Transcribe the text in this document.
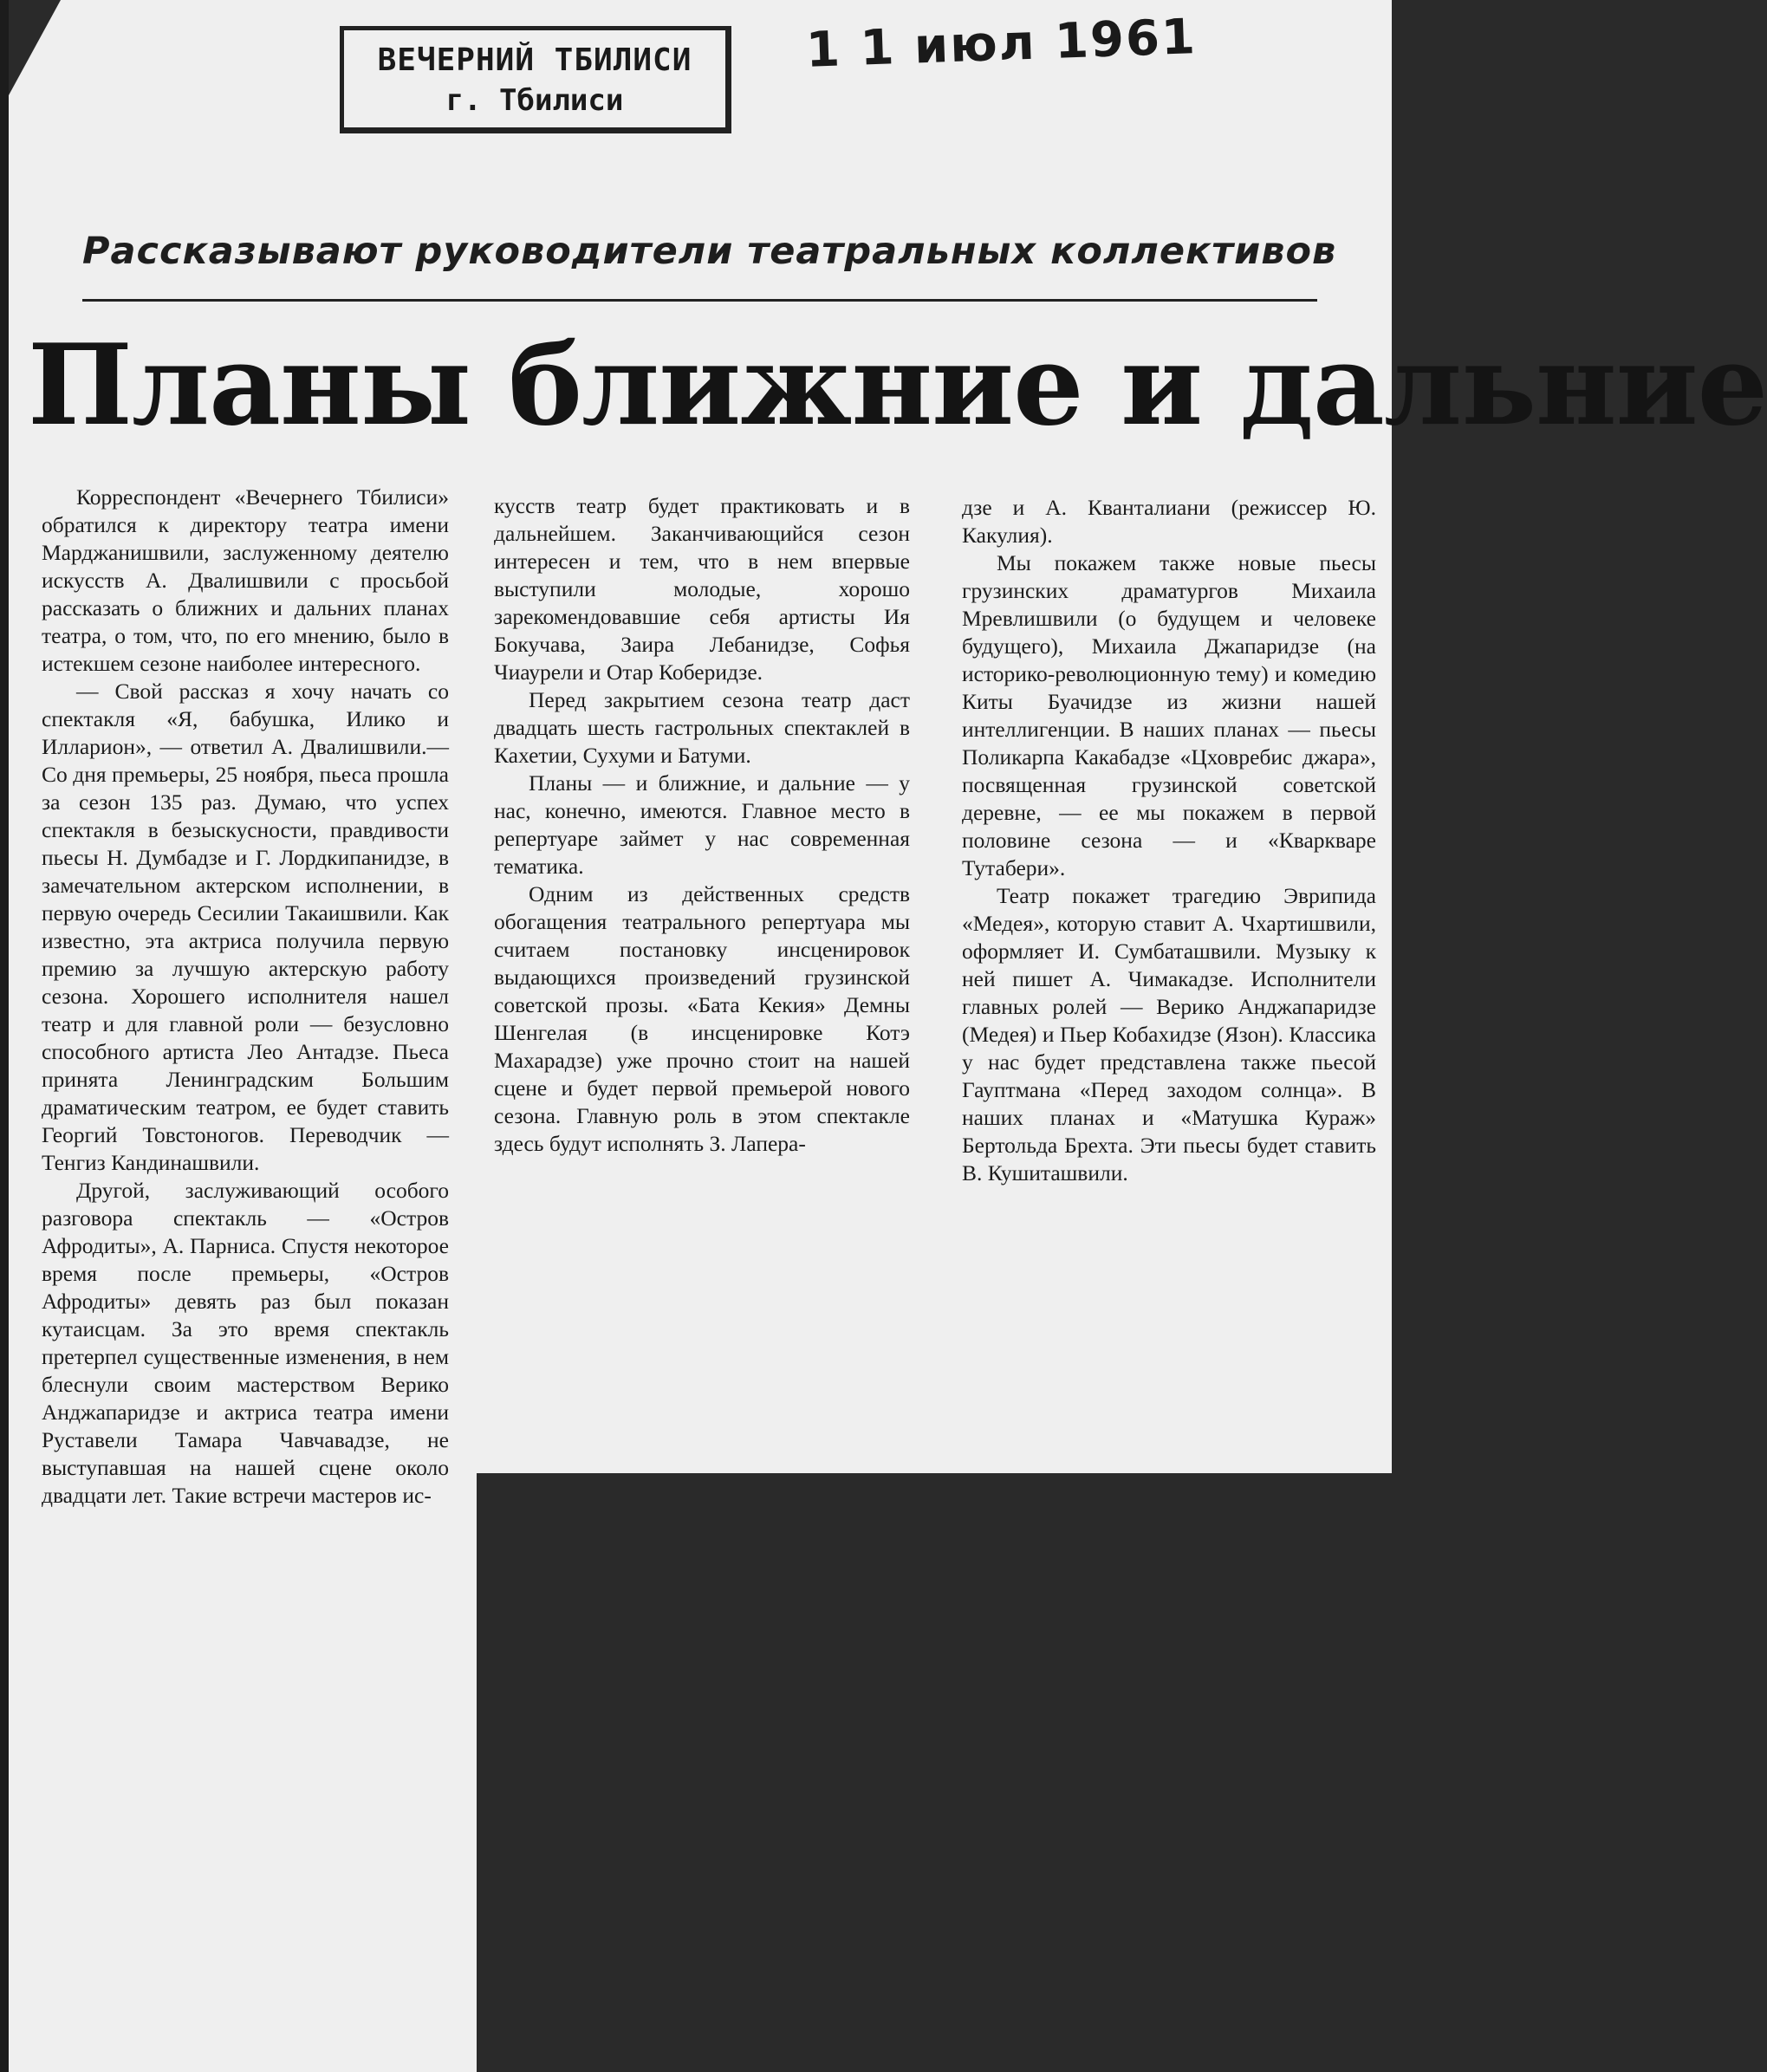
ВЕЧЕРНИЙ ТБИЛИСИ
г. Тбилиси
1 1 июл 1961
Рассказывают руководители театральных коллективов
Планы ближние и дальние

Корреспондент «Вечернего Тбилиси» обратился к директору театра имени Марджанишвили, заслуженному деятелю искусств А. Двалишвили с просьбой рассказать о ближних и дальних планах театра, о том, что, по его мнению, было в истекшем сезоне наиболее интересного.

— Свой рассказ я хочу начать со спектакля «Я, бабушка, Илико и Илларион», — ответил А. Двалишвили.— Со дня премьеры, 25 ноября, пьеса прошла за сезон 135 раз. Думаю, что успех спектакля в безыскусности, правдивости пьесы Н. Думбадзе и Г. Лордкипанидзе, в замечательном актерском исполнении, в первую очередь Сесилии Такаишвили. Как известно, эта актриса получила первую премию за лучшую актерскую работу сезона. Хорошего исполнителя нашел театр и для главной роли — безусловно способного артиста Лео Антадзе. Пьеса принята Ленинградским Большим драматическим театром, ее будет ставить Георгий Товстоногов. Переводчик — Тенгиз Кандинашвили.

Другой, заслуживающий особого разговора спектакль — «Остров Афродиты», А. Парниса. Спустя некоторое время после премьеры, «Остров Афродиты» девять раз был показан кутаисцам. За это время спектакль претерпел существенные изменения, в нем блеснули своим мастерством Верико Анджапаридзе и актриса театра имени Руставели Тамара Чавчавадзе, не выступавшая на нашей сцене около двадцати лет. Такие встречи мастеров ис-

кусств театр будет практиковать и в дальнейшем. Заканчивающийся сезон интересен и тем, что в нем впервые выступили молодые, хорошо зарекомендовавшие себя артисты Ия Бокучава, Заира Лебанидзе, Софья Чиаурели и Отар Коберидзе.

Перед закрытием сезона театр даст двадцать шесть гастрольных спектаклей в Кахетии, Сухуми и Батуми.

Планы — и ближние, и дальние — у нас, конечно, имеются. Главное место в репертуаре займет у нас современная тематика.

Одним из действенных средств обогащения театрального репертуара мы считаем постановку инсценировок выдающихся произведений грузинской советской прозы. «Бата Кекия» Демны Шенгелая (в инсценировке Котэ Махарадзе) уже прочно стоит на нашей сцене и будет первой премьерой нового сезона. Главную роль в этом спектакле здесь будут исполнять З. Лапера-

дзе и А. Кванталиани (режиссер Ю. Какулия).

Мы покажем также новые пьесы грузинских драматургов Михаила Мревлишвили (о будущем и человеке будущего), Михаила Джапаридзе (на историко-революционную тему) и комедию Киты Буачидзе из жизни нашей интеллигенции. В наших планах — пьесы Поликарпа Какабадзе «Цховребис джара», посвященная грузинской советской деревне, — ее мы покажем в первой половине сезона — и «Кваркваре Тутабери».

Театр покажет трагедию Эврипида «Медея», которую ставит А. Чхартишвили, оформляет И. Сумбаташвили. Музыку к ней пишет А. Чимакадзе. Исполнители главных ролей — Верико Анджапаридзе (Медея) и Пьер Кобахидзе (Язон). Классика у нас будет представлена также пьесой Гауптмана «Перед заходом солнца». В наших планах и «Матушка Кураж» Бертольда Брехта. Эти пьесы будет ставить В. Кушиташвили.
